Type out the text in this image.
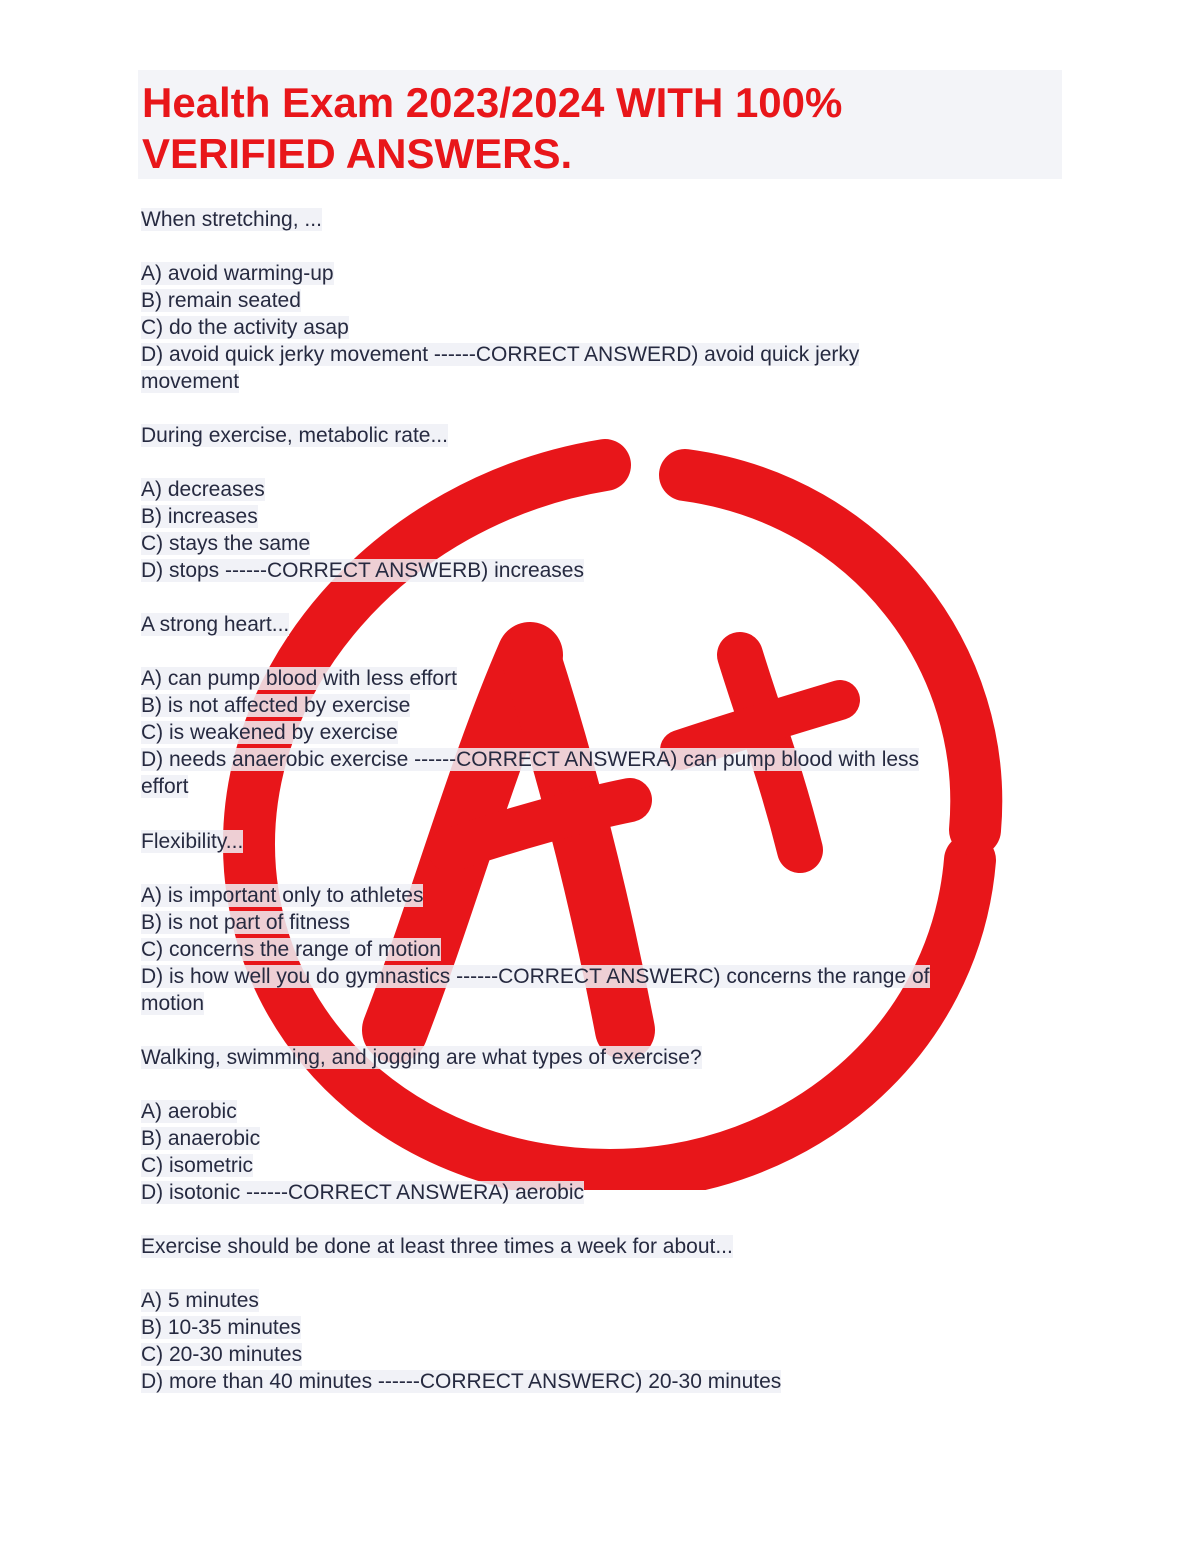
Health Exam 2023/2024 WITH 100%
VERIFIED ANSWERS.
When stretching, ...
A) avoid warming-up
B) remain seated
C) do the activity asap
D) avoid quick jerky movement ------CORRECT ANSWERD) avoid quick jerky
movement
During exercise, metabolic rate...
A) decreases
B) increases
C) stays the same
D) stops ------CORRECT ANSWERB) increases
A strong heart...
A) can pump blood with less effort
B) is not affected by exercise
C) is weakened by exercise
D) needs anaerobic exercise ------CORRECT ANSWERA) can pump blood with less
effort
Flexibility...
A) is important only to athletes
B) is not part of fitness
C) concerns the range of motion
D) is how well you do gymnastics ------CORRECT ANSWERC) concerns the range of
motion
Walking, swimming, and jogging are what types of exercise?
A) aerobic
B) anaerobic
C) isometric
D) isotonic ------CORRECT ANSWERA) aerobic
Exercise should be done at least three times a week for about...
A) 5 minutes
B) 10-35 minutes
C) 20-30 minutes
D) more than 40 minutes ------CORRECT ANSWERC) 20-30 minutes
